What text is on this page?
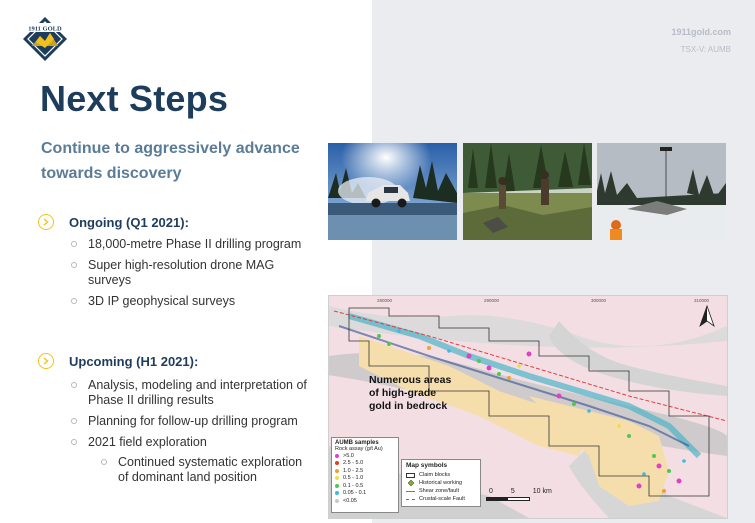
1911 GOLD	1911gold.com
TSX-V: AUMB
Next Steps
Continue to aggressively advance towards discovery
Ongoing (Q1 2021):
18,000-metre Phase II drilling program
Super high-resolution drone MAG surveys
3D IP geophysical surveys
Upcoming (H1 2021):
Analysis, modeling and interpretation of Phase II drilling results
Planning for follow-up drilling program
2021 field exploration
Continued systematic exploration of dominant land position
280000	290000	300000	310000
Numerous areas
of high-grade
gold in bedrock
AUMB samples
Rock assay (g/t Au)
>5.0
2.5 - 5.0
1.0 - 2.5
0.5 - 1.0
0.1 - 0.5
0.05 - 0.1
<0.05
Map symbols
Claim blocks
Historical working
Shear zone/fault
Crustal-scale Fault
0	5	10 km
